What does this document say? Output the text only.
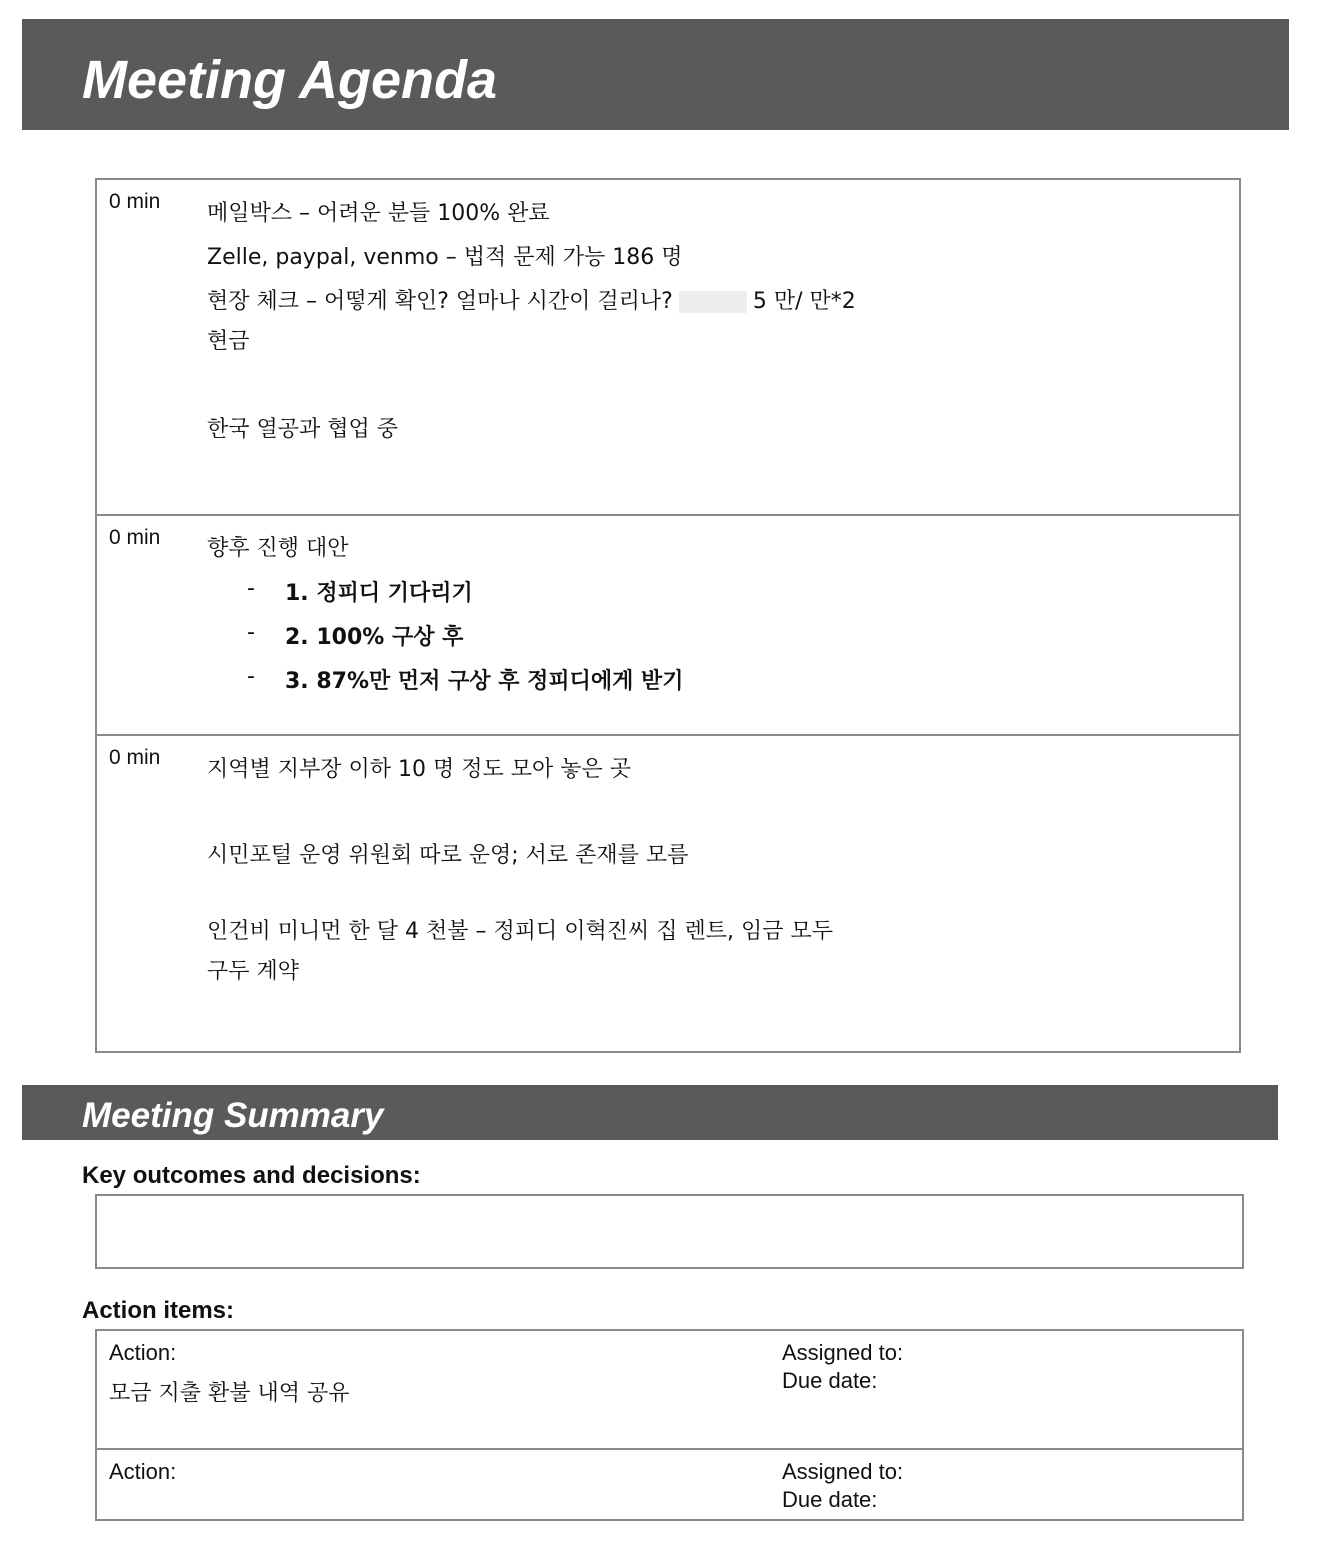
Meeting Agenda
0 min 메일박스 – 어려운 분들 100% 완료
Zelle, paypal, venmo – 법적 문제 가능 186 명
현장 체크 – 어떻게 확인? 얼마나 시간이 걸리나?	5 만/ 만*2
현금
한국 열공과 협업 중
0 min 향후 진행 대안
- 1. 정피디 기다리기
- 2. 100% 구상 후
- 3. 87%만 먼저 구상 후 정피디에게 받기
0 min 지역별 지부장 이하 10 명 정도 모아 놓은 곳
시민포털 운영 위원회 따로 운영; 서로 존재를 모름
인건비 미니먼 한 달 4 천불 – 정피디 이혁진씨 집 렌트, 임금 모두
구두 계약
Meeting Summary
Key outcomes and decisions:
Action items:
Action:
모금 지출 환불 내역 공유
Assigned to:
Due date:
Action:	Assigned to:
Due date:
